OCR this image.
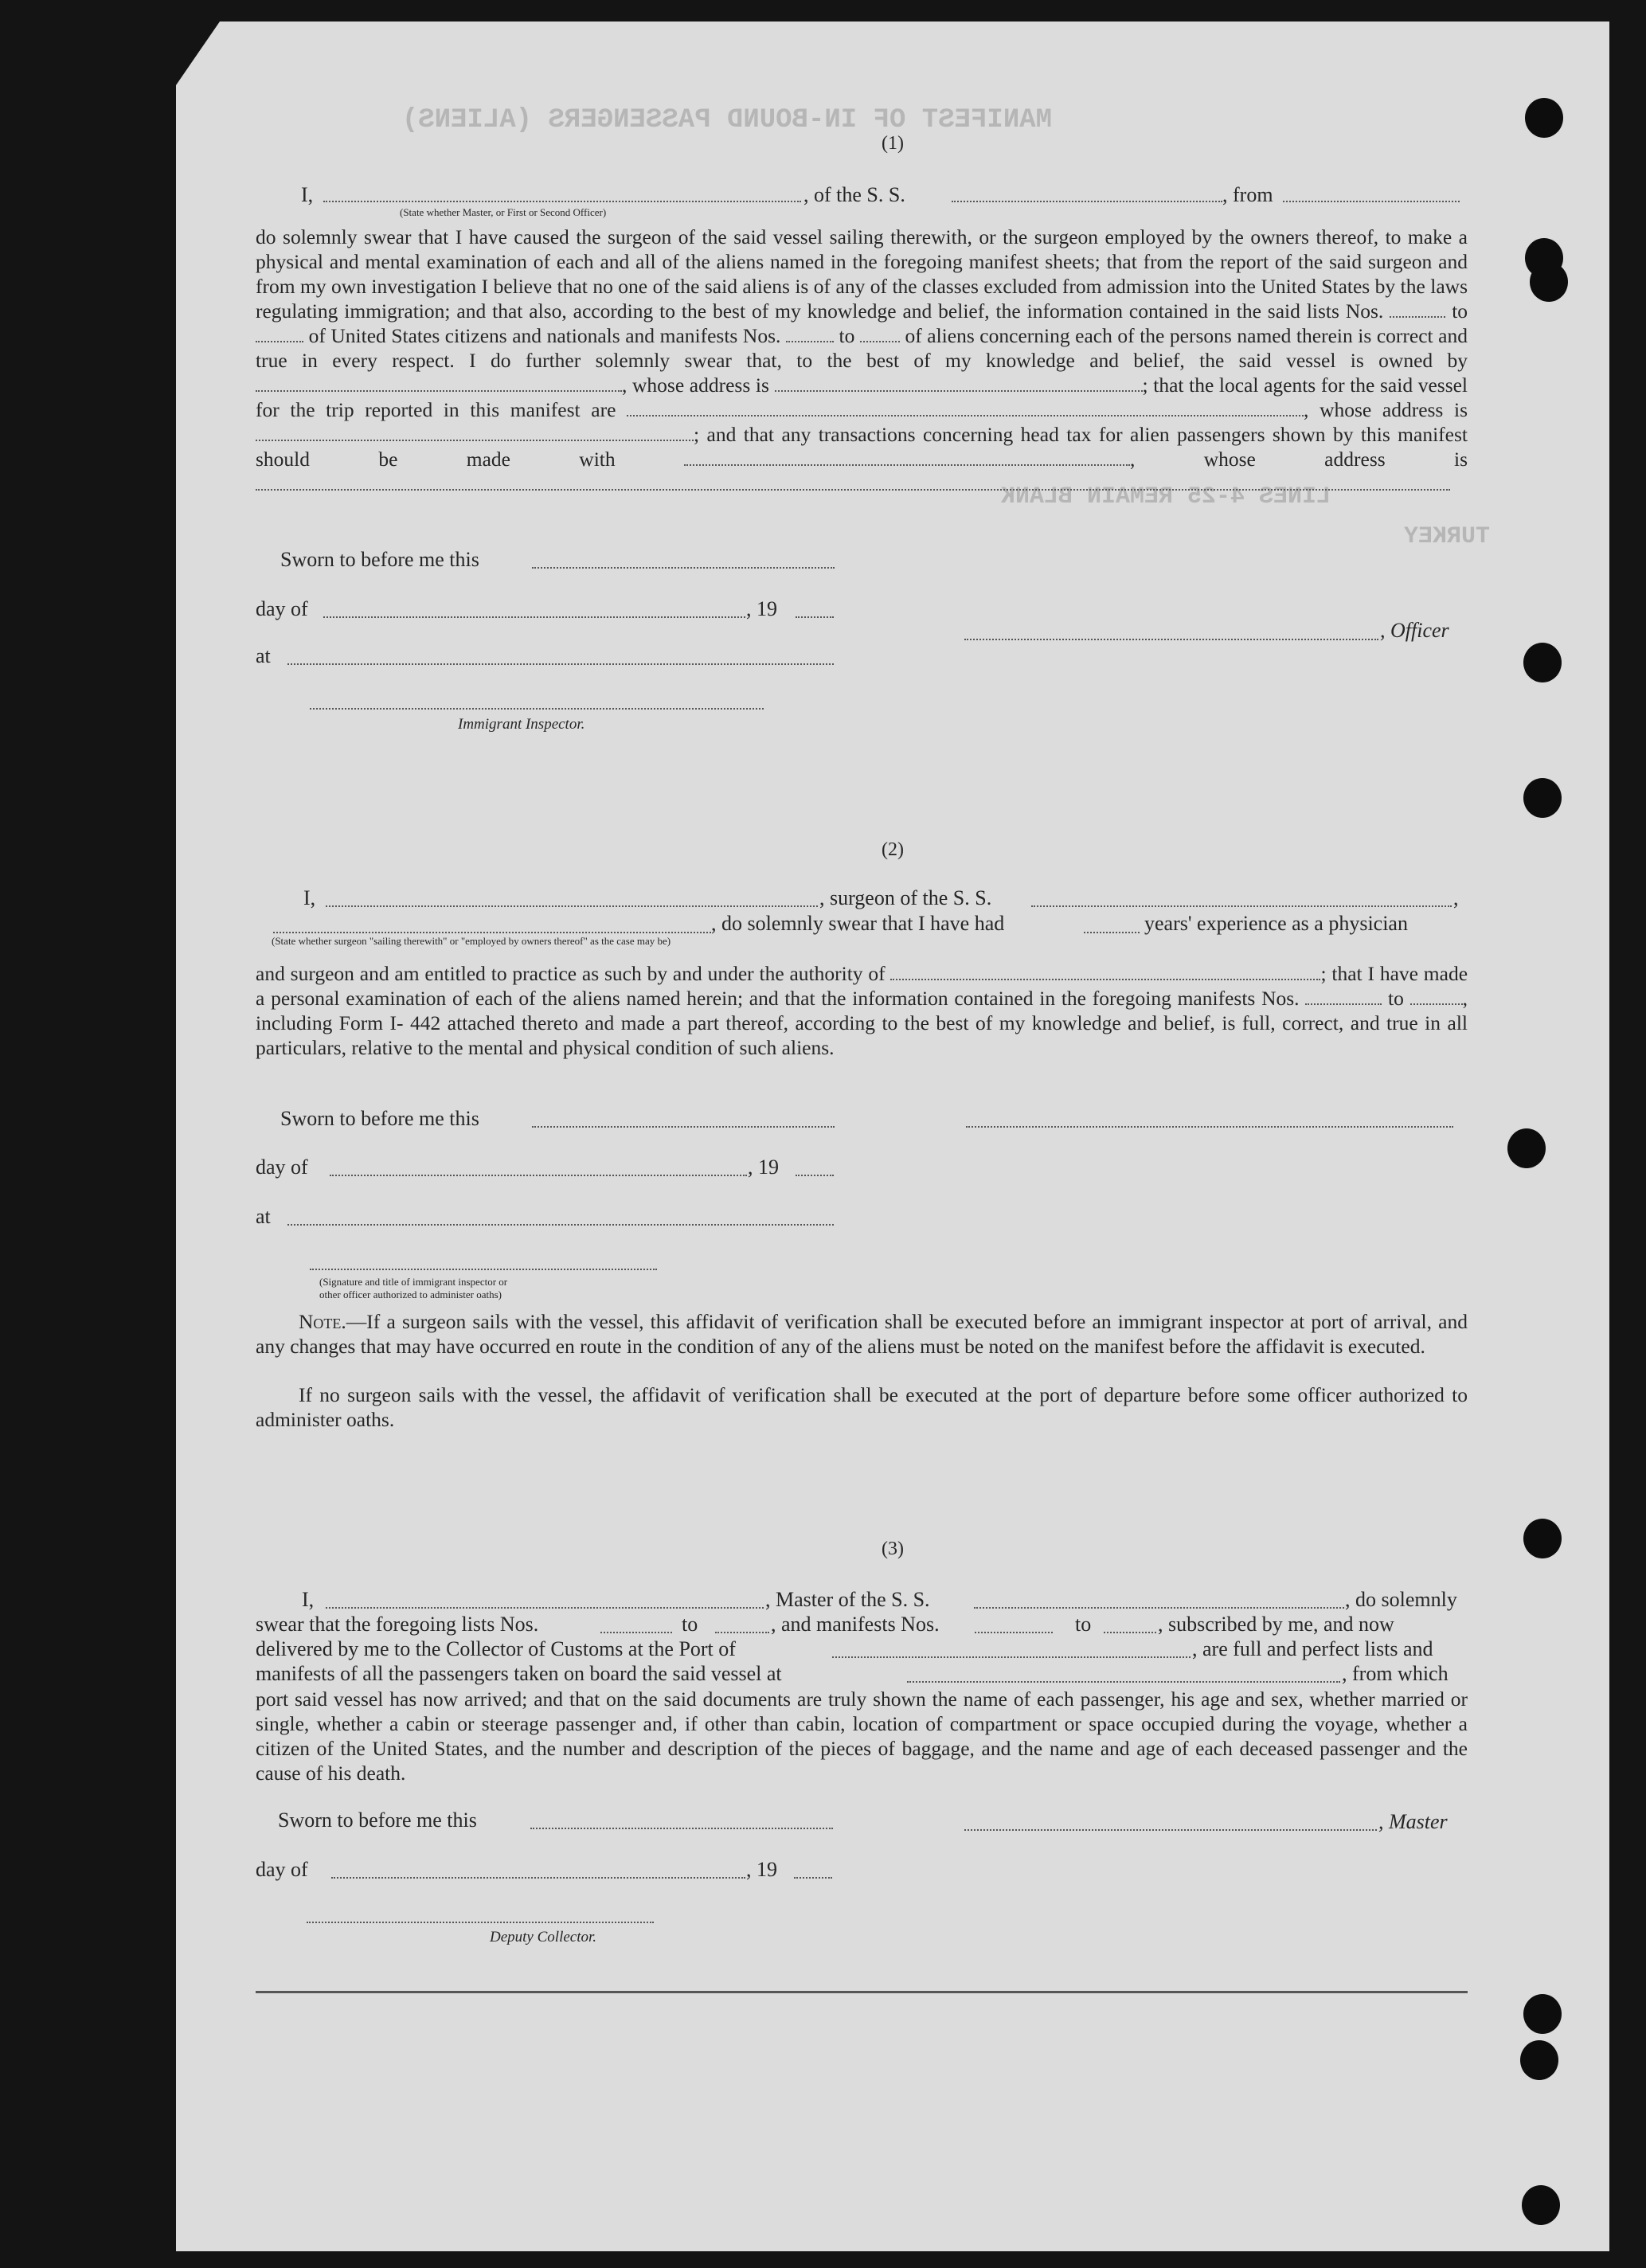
MANIFEST OF IN-BOUND PASSENGERS (ALIENS)
LINES 4-25 REMAIN BLANK
TURKEY
(1)
I,	, of the S. S.	, from
(State whether Master, or First or Second Officer)
do solemnly swear that I have caused the surgeon of the said vessel sailing therewith, or the surgeon employed by the owners thereof, to make a physical and mental examination of each and all of the aliens named in the foregoing manifest sheets; that from the report of the said surgeon and from my own investigation I believe that no one of the said aliens is of any of the classes excluded from admission into the United States by the laws regulating immigration; and that also, according to the best of my knowledge and belief, the information contained in the said lists Nos.	to  of United States citizens and nationals and manifests Nos.	to of aliens concerning each of the persons named therein is correct and true in every respect. I do further solemnly swear that, to the best of my knowledge and belief, the said vessel is owned by , whose address is	; that the local agents for the said vessel for the trip reported in this manifest are	, whose address is ; and that any transactions concerning head tax for alien passengers shown by this manifest should be made with	, whose address is
Sworn to before me this
day of	, 19
, Officer
at
Immigrant Inspector.
(2)
I,	, surgeon of the S. S.	,
, do solemnly swear that I have had	years' experience as a physician
(State whether surgeon "sailing therewith" or "employed by owners thereof" as the case may be)
and surgeon and am entitled to practice as such by and under the authority of	; that I have made a personal examination of each of the aliens named herein; and that the information contained in the foregoing manifests Nos.	to	, including Form I- 442 attached thereto and made a part thereof, according to the best of my knowledge and belief, is full, correct, and true in all particulars, relative to the mental and physical condition of such aliens.
Sworn to before me this
day of	, 19
at
(Signature and title of immigrant inspector or
other officer authorized to administer oaths)
Note.—If a surgeon sails with the vessel, this affidavit of verification shall be executed before an immigrant inspector at port of arrival, and any changes that may have occurred en route in the condition of any of the aliens must be noted on the manifest before the affidavit is executed.
If no surgeon sails with the vessel, the affidavit of verification shall be executed at the port of departure before some officer authorized to administer oaths.
(3)
I,	, Master of the S. S.	, do solemnly
swear that the foregoing lists Nos.	to	, and manifests Nos.	to	, subscribed by me, and now
delivered by me to the Collector of Customs at the Port of	, are full and perfect lists and
manifests of all the passengers taken on board the said vessel at	, from which
port said vessel has now arrived; and that on the said documents are truly shown the name of each passenger, his age and sex, whether married or single, whether a cabin or steerage passenger and, if other than cabin, location of compartment or space occupied during the voyage, whether a citizen of the United States, and the number and description of the pieces of baggage, and the name and age of each deceased passenger and the cause of his death.
Sworn to before me this	, Master
day of	, 19
Deputy Collector.
